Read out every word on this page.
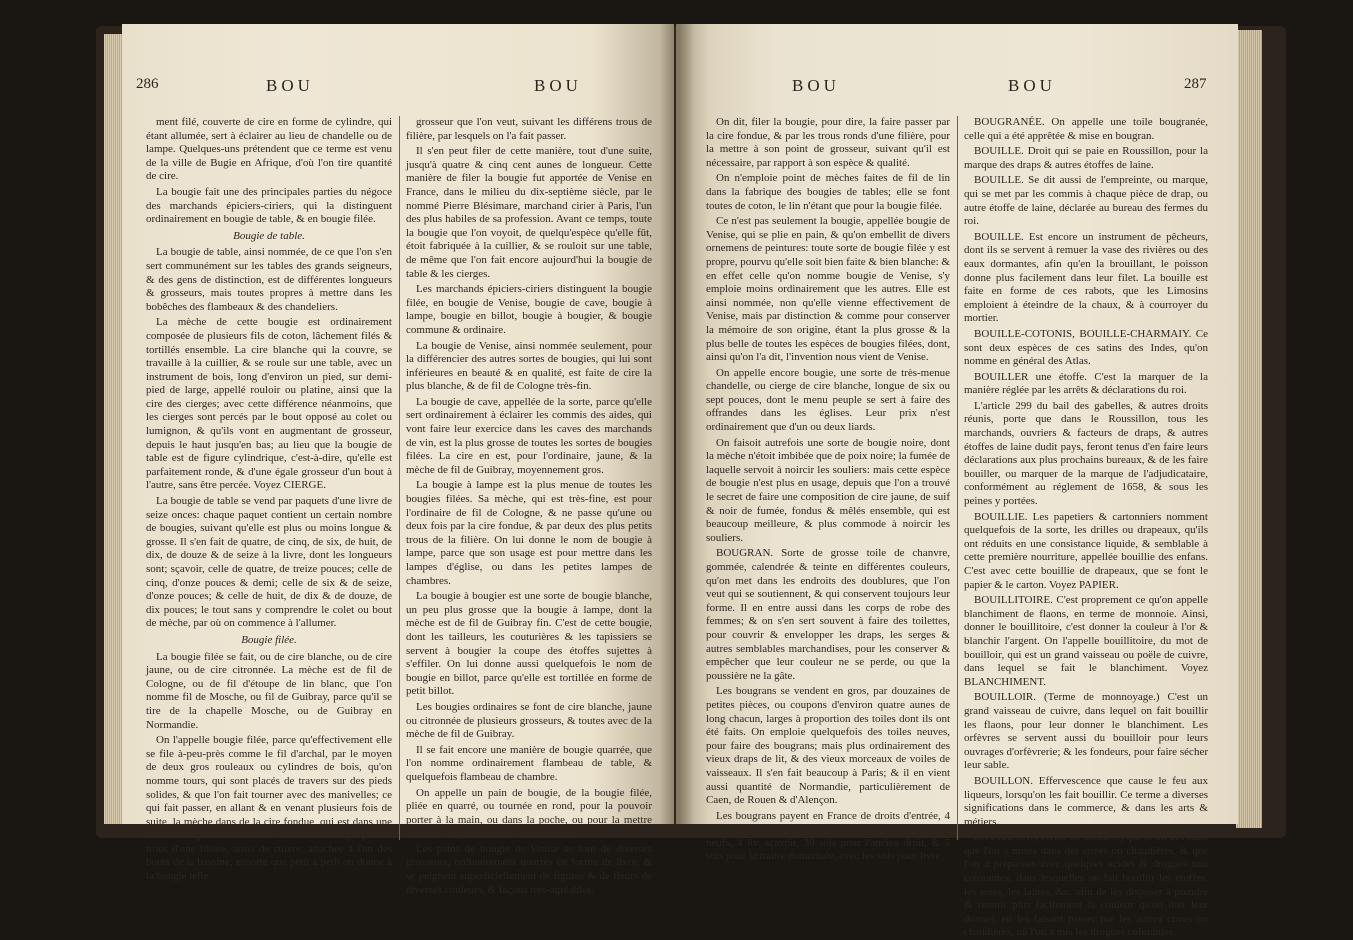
286	BOU	BOU

ment filé, couverte de cire en forme de cylindre, qui étant allumée, sert à éclairer au lieu de chandelle ou de lampe. Quelques-uns prétendent que ce terme est venu de la ville de Bugie en Afrique, d'où l'on tire quantité de cire.

La bougie fait une des principales parties du négoce des marchands épiciers-ciriers, qui la distinguent ordinairement en bougie de table, & en bougie filée.

Bougie de table.

La bougie de table, ainsi nommée, de ce que l'on s'en sert communément sur les tables des grands seigneurs, & des gens de distinction, est de différentes longueurs & grosseurs, mais toutes propres à mettre dans les bobêches des flambeaux & des chandeliers.

La mèche de cette bougie est ordinairement composée de plusieurs fils de coton, lâchement filés & tortillés ensemble. La cire blanche qui la couvre, se travaille à la cuillier, & se roule sur une table, avec un instrument de bois, long d'environ un pied, sur demi-pied de large, appellé rouloir ou platine, ainsi que la cire des cierges; avec cette différence néanmoins, que les cierges sont percés par le bout opposé au colet ou lumignon, & qu'ils vont en augmentant de grosseur, depuis le haut jusqu'en bas; au lieu que la bougie de table est de figure cylindrique, c'est-à-dire, qu'elle est parfaitement ronde, & d'une égale grosseur d'un bout à l'autre, sans être percée. Voyez CIERGE.

La bougie de table se vend par paquets d'une livre de seize onces: chaque paquet contient un certain nombre de bougies, suivant qu'elle est plus ou moins longue & grosse. Il s'en fait de quatre, de cinq, de six, de huit, de dix, de douze & de seize à la livre, dont les longueurs sont; sçavoir, celle de quatre, de treize pouces; celle de cinq, d'onze pouces & demi; celle de six & de seize, d'onze pouces; & celle de huit, de dix & de douze, de dix pouces; le tout sans y comprendre le colet ou bout de mèche, par où on commence à l'allumer.

Bougie filée.

La bougie filée se fait, ou de cire blanche, ou de cire jaune, ou de cire citronnée. La mèche est de fil de Cologne, ou de fil d'étoupe de lin blanc, que l'on nomme fil de Mosche, ou fil de Guibray, parce qu'il se tire de la chapelle Mosche, ou de Guibray en Normandie.

On l'appelle bougie filée, parce qu'effectivement elle se file à-peu-près comme le fil d'archal, par le moyen de deux gros rouleaux ou cylindres de bois, qu'on nomme tours, qui sont placés de travers sur des pieds solides, & que l'on fait tourner avec des manivelles; ce qui fait passer, en allant & en venant plusieurs fois de suite, la mèche dans de la cire fondue, qui est dans une bassine ou poële de cuivre, & en même-temps par les trous d'une filière, aussi de cuivre, attachée à l'un des bouts de la bassine; ensorte que petit à petit on donne à la bougie telle

grosseur que l'on veut, suivant les différens trous de filière, par lesquels on l'a fait passer.

Il s'en peut filer de cette manière, tout d'une suite, jusqu'à quatre & cinq cent aunes de longueur. Cette manière de filer la bougie fut apportée de Venise en France, dans le milieu du dix-septième siècle, par le nommé Pierre Blésimare, marchand cirier à Paris, l'un des plus habiles de sa profession. Avant ce temps, toute la bougie que l'on voyoit, de quelqu'espèce qu'elle fût, étoit fabriquée à la cuillier, & se rouloit sur une table, de même que l'on fait encore aujourd'hui la bougie de table & les cierges.

Les marchands épiciers-ciriers distinguent la bougie filée, en bougie de Venise, bougie de cave, bougie à lampe, bougie en billot, bougie à bougier, & bougie commune & ordinaire.

La bougie de Venise, ainsi nommée seulement, pour la différencier des autres sortes de bougies, qui lui sont inférieures en beauté & en qualité, est faite de cire la plus blanche, & de fil de Cologne très-fin.

La bougie de cave, appellée de la sorte, parce qu'elle sert ordinairement à éclairer les commis des aides, qui vont faire leur exercice dans les caves des marchands de vin, est la plus grosse de toutes les sortes de bougies filées. La cire en est, pour l'ordinaire, jaune, & la mèche de fil de Guibray, moyennement gros.

La bougie à lampe est la plus menue de toutes les bougies filées. Sa mèche, qui est très-fine, est pour l'ordinaire de fil de Cologne, & ne passe qu'une ou deux fois par la cire fondue, & par deux des plus petits trous de la filière. On lui donne le nom de bougie à lampe, parce que son usage est pour mettre dans les lampes d'église, ou dans les petites lampes de chambres.

La bougie à bougier est une sorte de bougie blanche, un peu plus grosse que la bougie à lampe, dont la mèche est de fil de Guibray fin. C'est de cette bougie, dont les tailleurs, les couturières & les tapissiers se servent à bougier la coupe des étoffes sujettes à s'effiler. On lui donne aussi quelquefois le nom de bougie en billot, parce qu'elle est tortillée en forme de petit billot.

Les bougies ordinaires se font de cire blanche, jaune ou citronnée de plusieurs grosseurs, & toutes avec de la mèche de fil de Guibray.

Il se fait encore une manière de bougie quarrée, que l'on nomme ordinairement flambeau de table, & quelquefois flambeau de chambre.

On appelle un pain de bougie, de la bougie filée, pliée en quarré, ou tournée en rond, pour la pouvoir porter à la main, ou dans la poche, ou pour la mettre dans un bougeoir avec plus de facilité.

Les pains de bougie de Venise se font de diverses grosseurs, ordinairement quarrés en forme de livre, & se peignent superficiellement de figures & de fleurs de diverses couleurs, & façons très-agréables.

BOU	BOU	287

On dit, filer la bougie, pour dire, la faire passer par la cire fondue, & par les trous ronds d'une filière, pour la mettre à son point de grosseur, suivant qu'il est nécessaire, par rapport à son espèce & qualité.

On n'emploie point de mèches faites de fil de lin dans la fabrique des bougies de tables; elle se font toutes de coton, le lin n'étant que pour la bougie filée.

Ce n'est pas seulement la bougie, appellée bougie de Venise, qui se plie en pain, & qu'on embellit de divers ornemens de peintures: toute sorte de bougie filée y est propre, pourvu qu'elle soit bien faite & bien blanche: & en effet celle qu'on nomme bougie de Venise, s'y emploie moins ordinairement que les autres. Elle est ainsi nommée, non qu'elle vienne effectivement de Venise, mais par distinction & comme pour conserver la mémoire de son origine, étant la plus grosse & la plus belle de toutes les espèces de bougies filées, dont, ainsi qu'on l'a dit, l'invention nous vient de Venise.

On appelle encore bougie, une sorte de très-menue chandelle, ou cierge de cire blanche, longue de six ou sept pouces, dont le menu peuple se sert à faire des offrandes dans les églises. Leur prix n'est ordinairement que d'un ou deux liards.

On faisoit autrefois une sorte de bougie noire, dont la mèche n'étoit imbibée que de poix noire; la fumée de laquelle servoit à noircir les souliers: mais cette espèce de bougie n'est plus en usage, depuis que l'on a trouvé le secret de faire une composition de cire jaune, de suif & noir de fumée, fondus & mêlés ensemble, qui est beaucoup meilleure, & plus commode à noircir les souliers.

BOUGRAN. Sorte de grosse toile de chanvre, gommée, calendrée & teinte en différentes couleurs, qu'on met dans les endroits des doublures, que l'on veut qui se soutiennent, & qui conservent toujours leur forme. Il en entre aussi dans les corps de robe des femmes; & on s'en sert souvent à faire des toilettes, pour couvrir & envelopper les draps, les serges & autres semblables marchandises, pour les conserver & empêcher que leur couleur ne se perde, ou que la poussière ne la gâte.

Les bougrans se vendent en gros, par douzaines de petites pièces, ou coupons d'environ quatre aunes de long chacun, larges à proportion des toiles dont ils ont été faits. On emploie quelquefois des toiles neuves, pour faire des bougrans; mais plus ordinairement des vieux draps de lit, & des vieux morceaux de voiles de vaisseaux. Il s'en fait beaucoup à Paris; & il en vient aussi quantité de Normandie, particulièrement de Caen, de Rouen & d'Alençon.

Les bougrans payent en France de droits d'entrée, 4 liv. 10 sols du cent pesant; & de sortie, cent vieux que neufs, 4 liv. sçavoir, 30 sols pour l'ancien droit, & 5 sols pour la traitte domaniale, avec les sols pour livre.

BOUGRANÉE. On appelle une toile bougranée, celle qui a été apprêtée & mise en bougran.

BOUILLE. Droit qui se paie en Roussillon, pour la marque des draps & autres étoffes de laine.

BOUILLE. Se dit aussi de l'empreinte, ou marque, qui se met par les commis à chaque pièce de drap, ou autre étoffe de laine, déclarée au bureau des fermes du roi.

BOUILLE. Est encore un instrument de pêcheurs, dont ils se servent à remuer la vase des rivières ou des eaux dormantes, afin qu'en la brouillant, le poisson donne plus facilement dans leur filet. La bouille est faite en forme de ces rabots, que les Limosins emploient à éteindre de la chaux, & à courroyer du mortier.

BOUILLE-COTONIS, BOUILLE-CHARMAIY. Ce sont deux espèces de ces satins des Indes, qu'on nomme en général des Atlas.

BOUILLER une étoffe. C'est la marquer de la manière réglée par les arrêts & déclarations du roi.

L'article 299 du bail des gabelles, & autres droits réunis, porte que dans le Roussillon, tous les marchands, ouvriers & facteurs de draps, & autres étoffes de laine dudit pays, feront tenus d'en faire leurs déclarations aux plus prochains bureaux, & de les faire bouiller, ou marquer de la marque de l'adjudicataire, conformément au réglement de 1658, & sous les peines y portées.

BOUILLIE. Les papetiers & cartonniers nomment quelquefois de la sorte, les drilles ou drapeaux, qu'ils ont réduits en une consistance liquide, & semblable à cette première nourriture, appellée bouillie des enfans. C'est avec cette bouillie de drapeaux, que se font le papier & le carton. Voyez PAPIER.

BOUILLITOIRE. C'est proprement ce qu'on appelle blanchiment de flaons, en terme de monnoie. Ainsi, donner le bouillitoire, c'est donner la couleur à l'or & blanchir l'argent. On l'appelle bouillitoire, du mot de bouilloir, qui est un grand vaisseau ou poële de cuivre, dans lequel se fait le blanchiment. Voyez BLANCHIMENT.

BOUILLOIR. (Terme de monnoyage.) C'est un grand vaisseau de cuivre, dans lequel on fait bouillir les flaons, pour leur donner le blanchiment. Les orfèvres se servent aussi du bouilloir pour leurs ouvrages d'orfèvrerie; & les fondeurs, pour faire sécher leur sable.

BOUILLON. Effervescence que cause le feu aux liqueurs, lorsqu'on les fait bouillir. Ce terme a diverses significations dans le commerce, & dans les arts & métiers.

BOUILLON. (Terme de teinture.) qui se dit des eaux que l'on a mises dans des cuves ou chaudières, & que l'on a préparées avec quelques acides & drogues non colorantes, dans lesquelles on fait bouillir les étoffes, les soies, les laines, &c. afin de les disposer à prendre & retenir plus facilement la couleur qu'on doit leur donner, en les faisant passer par les autres cuves ou chaudières, où l'on a mis les drogues colorantes.
